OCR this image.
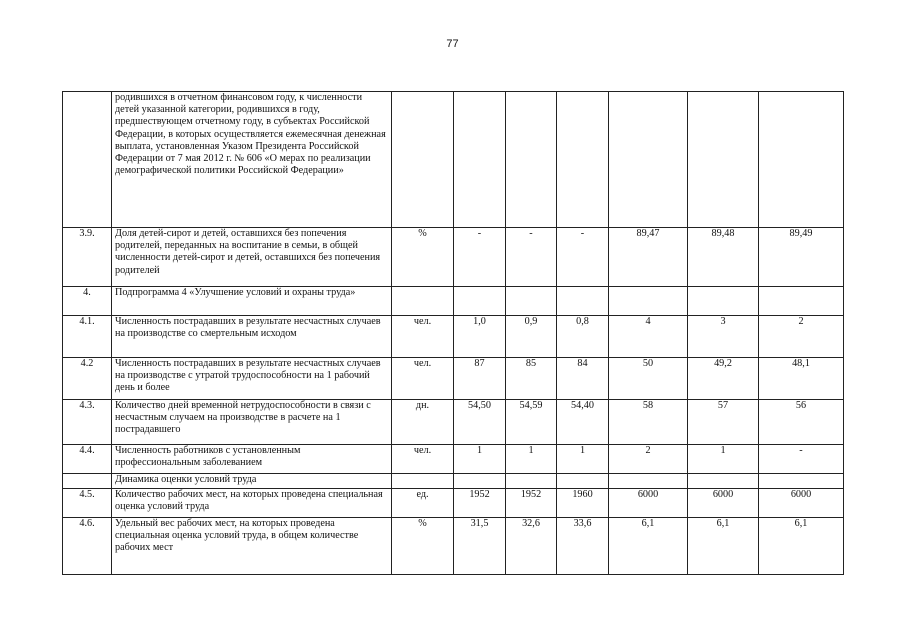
77
	родившихся в отчетном финансовом году, к численности детей указанной категории, родившихся в году, предшествующем отчетному году, в субъектах Российской Федерации, в которых осуществляется ежемесячная денежная выплата, установленная Указом Президента Российской Федерации от 7 мая 2012 г. № 606 «О мерах по реализации демографической политики Российской Федерации»							
3.9.	Доля детей-сирот и детей, оставшихся без попечения родителей, переданных на воспитание в семьи, в общей численности детей-сирот и детей, оставшихся без попечения родителей	%	-	-	-	89,47	89,48	89,49
4.	Подпрограмма 4 «Улучшение условий и охраны труда»							
4.1.	Численность пострадавших в результате несчастных случаев на производстве со смертельным исходом	чел.	1,0	0,9	0,8	4	3	2
4.2	Численность пострадавших в результате несчастных случаев на производстве с утратой трудоспособности на 1 рабочий день и более	чел.	87	85	84	50	49,2	48,1
4.3.	Количество дней временной нетрудоспособности в связи с несчастным случаем на производстве в расчете на 1 пострадавшего	дн.	54,50	54,59	54,40	58	57	56
4.4.	Численность работников с установленным профессиональным заболеванием	чел.	1	1	1	2	1	-
	Динамика оценки условий труда							
4.5.	Количество рабочих мест, на которых проведена специальная оценка условий труда	ед.	1952	1952	1960	6000	6000	6000
4.6.	Удельный вес рабочих мест, на которых проведена специальная оценка условий труда, в общем количестве рабочих мест	%	31,5	32,6	33,6	6,1	6,1	6,1
